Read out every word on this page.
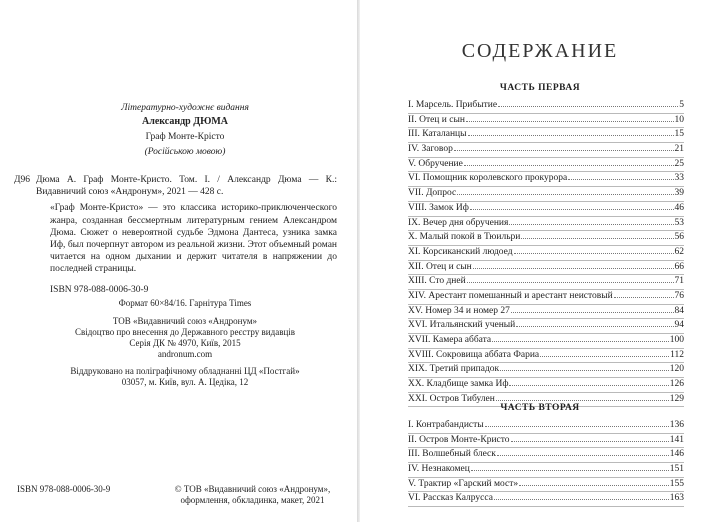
Літературно-художнє видання
Александр ДЮМА
Граф Монте-Крісто
(Російською мовою)
Д96 Дюма А. Граф Монте-Кристо. Том. I. / Александр Дюма — К.: Видавничий союз «Андронум», 2021 — 428 с.
«Граф Монте-Кристо» — это классика историко-приключенческого жанра, созданная бессмертным литературным гением Александром Дюма. Сюжет о невероятной судьбе Эдмона Дантеса, узника замка Иф, был почерпнут автором из реальной жизни. Этот объемный роман читается на одном дыхании и держит читателя в напряжении до последней страницы.
ISBN 978-088-0006-30-9
Формат 60×84/16. Гарнітура Times
ТОВ «Видавничий союз «Андронум»
Свідоцтво про внесення до Державного реєстру видавців
Серія ДК № 4970, Київ, 2015
andronum.com
Віддруковано на поліграфічному обладнанні ЦД «Постгай»
03057, м. Київ, вул. А. Цедіка, 12
ISBN 978-088-0006-30-9	© ТОВ «Видавничий союз «Андронум»,
оформлення, обкладинка, макет, 2021
СОДЕРЖАНИЕ
ЧАСТЬ ПЕРВАЯ
I. Марсель. Прибытие	5
II. Отец и сын	10
III. Каталанцы	15
IV. Заговор	21
V. Обручение	25
VI. Помощник королевского прокурора	33
VII. Допрос	39
VIII. Замок Иф	46
IX. Вечер дня обручения	53
X. Малый покой в Тюильри	56
XI. Корсиканский людоед	62
XII. Отец и сын	66
XIII. Сто дней	71
XIV. Арестант помешанный и арестант неистовый	76
XV. Номер 34 и номер 27	84
XVI. Итальянский ученый	94
XVII. Камера аббата	100
XVIII. Сокровища аббата Фариа	112
XIX. Третий припадок	120
XX. Кладбище замка Иф	126
XXI. Остров Тибулен	129
ЧАСТЬ ВТОРАЯ
I. Контрабандисты	136
II. Остров Монте-Кристо	141
III. Волшебный блеск	146
IV. Незнакомец	151
V. Трактир «Гарский мост»	155
VI. Рассказ Калрусса	163
